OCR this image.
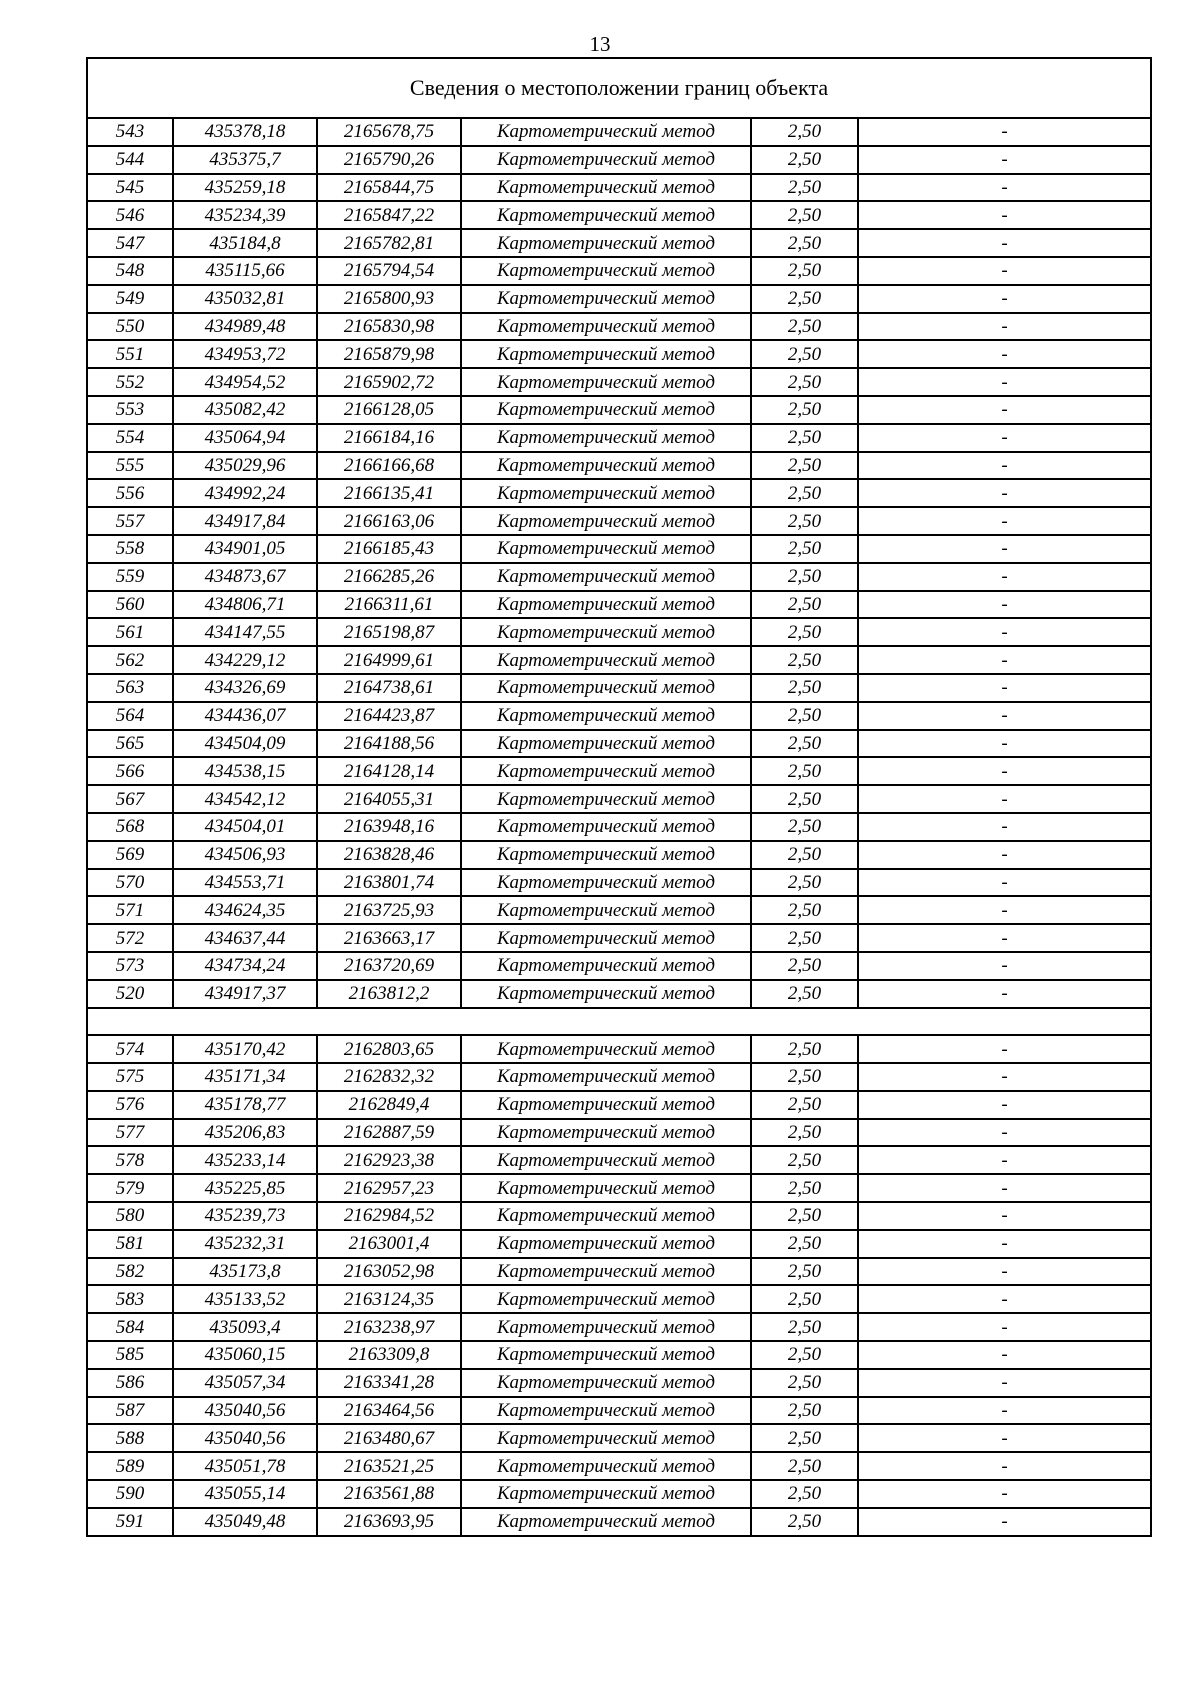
13
Сведения о местоположении границ объекта					
543	435378,18	2165678,75	Картометрический метод	2,50	-
544	435375,7	2165790,26	Картометрический метод	2,50	-
545	435259,18	2165844,75	Картометрический метод	2,50	-
546	435234,39	2165847,22	Картометрический метод	2,50	-
547	435184,8	2165782,81	Картометрический метод	2,50	-
548	435115,66	2165794,54	Картометрический метод	2,50	-
549	435032,81	2165800,93	Картометрический метод	2,50	-
550	434989,48	2165830,98	Картометрический метод	2,50	-
551	434953,72	2165879,98	Картометрический метод	2,50	-
552	434954,52	2165902,72	Картометрический метод	2,50	-
553	435082,42	2166128,05	Картометрический метод	2,50	-
554	435064,94	2166184,16	Картометрический метод	2,50	-
555	435029,96	2166166,68	Картометрический метод	2,50	-
556	434992,24	2166135,41	Картометрический метод	2,50	-
557	434917,84	2166163,06	Картометрический метод	2,50	-
558	434901,05	2166185,43	Картометрический метод	2,50	-
559	434873,67	2166285,26	Картометрический метод	2,50	-
560	434806,71	2166311,61	Картометрический метод	2,50	-
561	434147,55	2165198,87	Картометрический метод	2,50	-
562	434229,12	2164999,61	Картометрический метод	2,50	-
563	434326,69	2164738,61	Картометрический метод	2,50	-
564	434436,07	2164423,87	Картометрический метод	2,50	-
565	434504,09	2164188,56	Картометрический метод	2,50	-
566	434538,15	2164128,14	Картометрический метод	2,50	-
567	434542,12	2164055,31	Картометрический метод	2,50	-
568	434504,01	2163948,16	Картометрический метод	2,50	-
569	434506,93	2163828,46	Картометрический метод	2,50	-
570	434553,71	2163801,74	Картометрический метод	2,50	-
571	434624,35	2163725,93	Картометрический метод	2,50	-
572	434637,44	2163663,17	Картометрический метод	2,50	-
573	434734,24	2163720,69	Картометрический метод	2,50	-
520	434917,37	2163812,2	Картометрический метод	2,50	-

574	435170,42	2162803,65	Картометрический метод	2,50	-
575	435171,34	2162832,32	Картометрический метод	2,50	-
576	435178,77	2162849,4	Картометрический метод	2,50	-
577	435206,83	2162887,59	Картометрический метод	2,50	-
578	435233,14	2162923,38	Картометрический метод	2,50	-
579	435225,85	2162957,23	Картометрический метод	2,50	-
580	435239,73	2162984,52	Картометрический метод	2,50	-
581	435232,31	2163001,4	Картометрический метод	2,50	-
582	435173,8	2163052,98	Картометрический метод	2,50	-
583	435133,52	2163124,35	Картометрический метод	2,50	-
584	435093,4	2163238,97	Картометрический метод	2,50	-
585	435060,15	2163309,8	Картометрический метод	2,50	-
586	435057,34	2163341,28	Картометрический метод	2,50	-
587	435040,56	2163464,56	Картометрический метод	2,50	-
588	435040,56	2163480,67	Картометрический метод	2,50	-
589	435051,78	2163521,25	Картометрический метод	2,50	-
590	435055,14	2163561,88	Картометрический метод	2,50	-
591	435049,48	2163693,95	Картометрический метод	2,50	-
